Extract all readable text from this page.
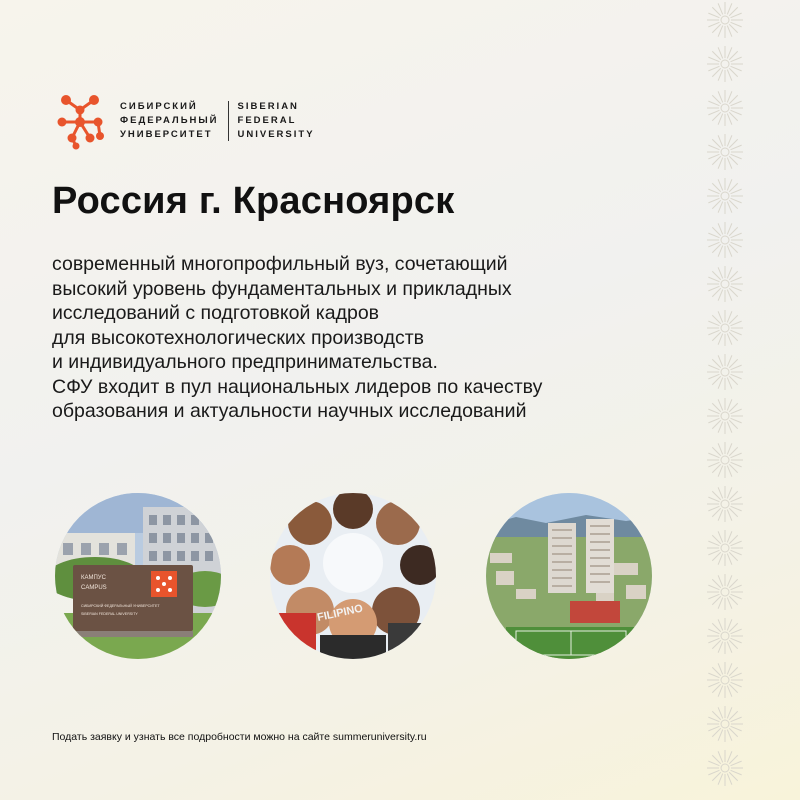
СИБИРСКИЙ
ФЕДЕРАЛЬНЫЙ
УНИВЕРСИТЕТ
SIBERIAN
FEDERAL
UNIVERSITY
Россия г. Красноярск

современный многопрофильный вуз, сочетающий

высокий уровень фундаментальных и прикладных

исследований с подготовкой кадров

для высокотехнологических производств

и индивидуального предпринимательства.

СФУ входит в пул национальных лидеров по качеству

образования и актуальности научных исследований

КАМПУС
CAMPUS
СИБИРСКИЙ ФЕДЕРАЛЬНЫЙ УНИВЕРСИТЕТ
SIBERIAN FEDERAL UNIVERSITY	FILIPINO
Подать заявку и узнать все подробности можно на сайте summeruniversity.ru
